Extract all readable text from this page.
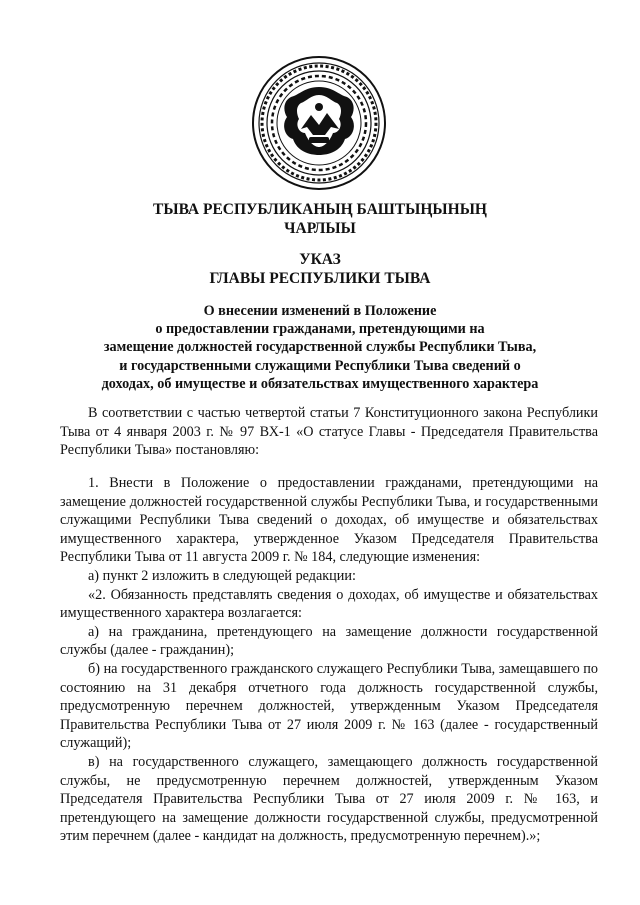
ТЫВА РЕСПУБЛИКАНЫҢ БАШТЫҢЫНЫҢ
ЧАРЛЫЫ
УКАЗ
ГЛАВЫ РЕСПУБЛИКИ ТЫВА
О внесении изменений в Положение
о предоставлении гражданами, претендующими на
замещение должностей государственной службы Республики Тыва,
и государственными служащими Республики Тыва сведений о
доходах, об имуществе и обязательствах имущественного характера

В соответствии с частью четвертой статьи 7 Конституционного закона Республики Тыва от 4 января 2003 г. № 97 ВХ-1 «О статусе Главы - Председателя Правительства Республики Тыва» постановляю:

1. Внести в Положение о предоставлении гражданами, претендующими на замещение должностей государственной службы Республики Тыва, и государственными служащими Республики Тыва сведений о доходах, об имуществе и обязательствах имущественного характера, утвержденное Указом Председателя Правительства Республики Тыва от 11 августа 2009 г. № 184, следующие изменения:

а) пункт 2 изложить в следующей редакции:

«2. Обязанность представлять сведения о доходах, об имуществе и обязательствах имущественного характера возлагается:

а) на гражданина, претендующего на замещение должности государственной службы (далее - гражданин);

б) на государственного гражданского служащего Республики Тыва, замещавшего по состоянию на 31 декабря отчетного года должность государственной службы, предусмотренную перечнем должностей, утвержденным Указом Председателя Правительства Республики Тыва от 27 июля 2009 г. № 163 (далее - государственный служащий);

в) на государственного служащего, замещающего должность государственной службы, не предусмотренную перечнем должностей, утвержденным Указом Председателя Правительства Республики Тыва от 27 июля 2009 г. № 163, и претендующего на замещение должности государственной службы, предусмотренной этим перечнем (далее - кандидат на должность, предусмотренную перечнем).»;
